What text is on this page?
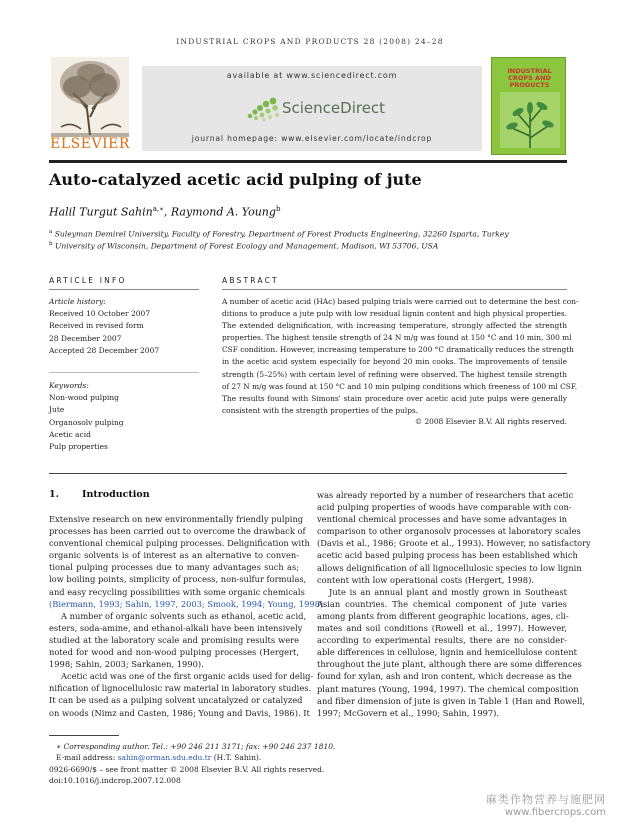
INDUSTRIAL CROPS AND PRODUCTS 28 (2008) 24–28
ELSEVIER
available at www.sciencedirect.com
ScienceDirect
journal homepage: www.elsevier.com/locate/indcrop
INDUSTRIAL CROPS AND PRODUCTS
Auto-catalyzed acetic acid pulping of jute
Halil Turgut Sahin$^{a,∗}$, Raymond A. Young$^b$
$^a$ Suleyman Demirel University, Faculty of Forestry, Department of Forest Products Engineering, 32260 Isparta, Turkey
$^b$ University of Wisconsin, Department of Forest Ecology and Management, Madison, WI 53706, USA
ARTICLE INFO	ABSTRACT
Article history:
Received 10 October 2007
Received in revised form
28 December 2007
Accepted 28 December 2007
Keywords:
Non-wood pulping
Jute
Organosolv pulping
Acetic acid
Pulp properties
A number of acetic acid (HAc) based pulping trials were carried out to determine the best con-
ditions to produce a jute pulp with low residual lignin content and high physical properties.
The extended delignification, with increasing temperature, strongly affected the strength
properties. The highest tensile strength of 24 N m/g was found at 150 °C and 10 min, 300 ml
CSF condition. However, increasing temperature to 200 °C dramatically reduces the strength
in the acetic acid system especially for beyond 20 min cooks. The improvements of tensile
strength (5–25%) with certain level of refining were observed. The highest tensile strength
of 27 N m/g was found at 150 °C and 10 min pulping conditions which freeness of 100 ml CSF.
The results found with Simons' stain procedure over acetic acid jute pulps were generally
consistent with the strength properties of the pulps.
© 2008 Elsevier B.V. All rights reserved.
1. Introduction
Extensive research on new environmentally friendly pulping
processes has been carried out to overcome the drawback of
conventional chemical pulping processes. Delignification with
organic solvents is of interest as an alternative to conven-
tional pulping processes due to many advantages such as;
low boiling points, simplicity of process, non-sulfur formulas,
and easy recycling possibilities with some organic chemicals
(Biermann, 1993; Sahin, 1997, 2003; Smook, 1994; Young, 1998).
A number of organic solvents such as ethanol, acetic acid,
esters, soda-amine, and ethanol-alkali have been intensively
studied at the laboratory scale and promising results were
noted for wood and non-wood pulping processes (Hergert,
1998; Sahin, 2003; Sarkanen, 1990).
Acetic acid was one of the first organic acids used for delig-
nification of lignocellulosic raw material in laboratory studies.
It can be used as a pulping solvent uncatalyzed or catalyzed
on woods (Nimz and Casten, 1986; Young and Davis, 1986). It
was already reported by a number of researchers that acetic
acid pulping properties of woods have comparable with con-
ventional chemical processes and have some advantages in
comparison to other organosolv processes at laboratory scales
(Davis et al., 1986; Groote et al., 1993). However, no satisfactory
acetic acid based pulping process has been established which
allows delignification of all lignocellulosic species to low lignin
content with low operational costs (Hergert, 1998).
Jute is an annual plant and mostly grown in Southeast
Asian countries. The chemical component of jute varies
among plants from different geographic locations, ages, cli-
mates and soil conditions (Rowell et al., 1997). However,
according to experimental results, there are no consider-
able differences in cellulose, lignin and hemicellulose content
throughout the jute plant, although there are some differences
found for xylan, ash and iron content, which decrease as the
plant matures (Young, 1994, 1997). The chemical composition
and fiber dimension of jute is given in Table 1 (Han and Rowell,
1997; McGovern et al., 1990; Sahin, 1997).
∗ Corresponding author. Tel.: +90 246 211 3171; fax: +90 246 237 1810.
E-mail address: sahin@orman.sdu.edu.tr (H.T. Sahin).
0926-6690/$ – see front matter © 2008 Elsevier B.V. All rights reserved.
doi:10.1016/j.indcrop.2007.12.008
麻类作物营养与施肥网
www.fibercrops.com
